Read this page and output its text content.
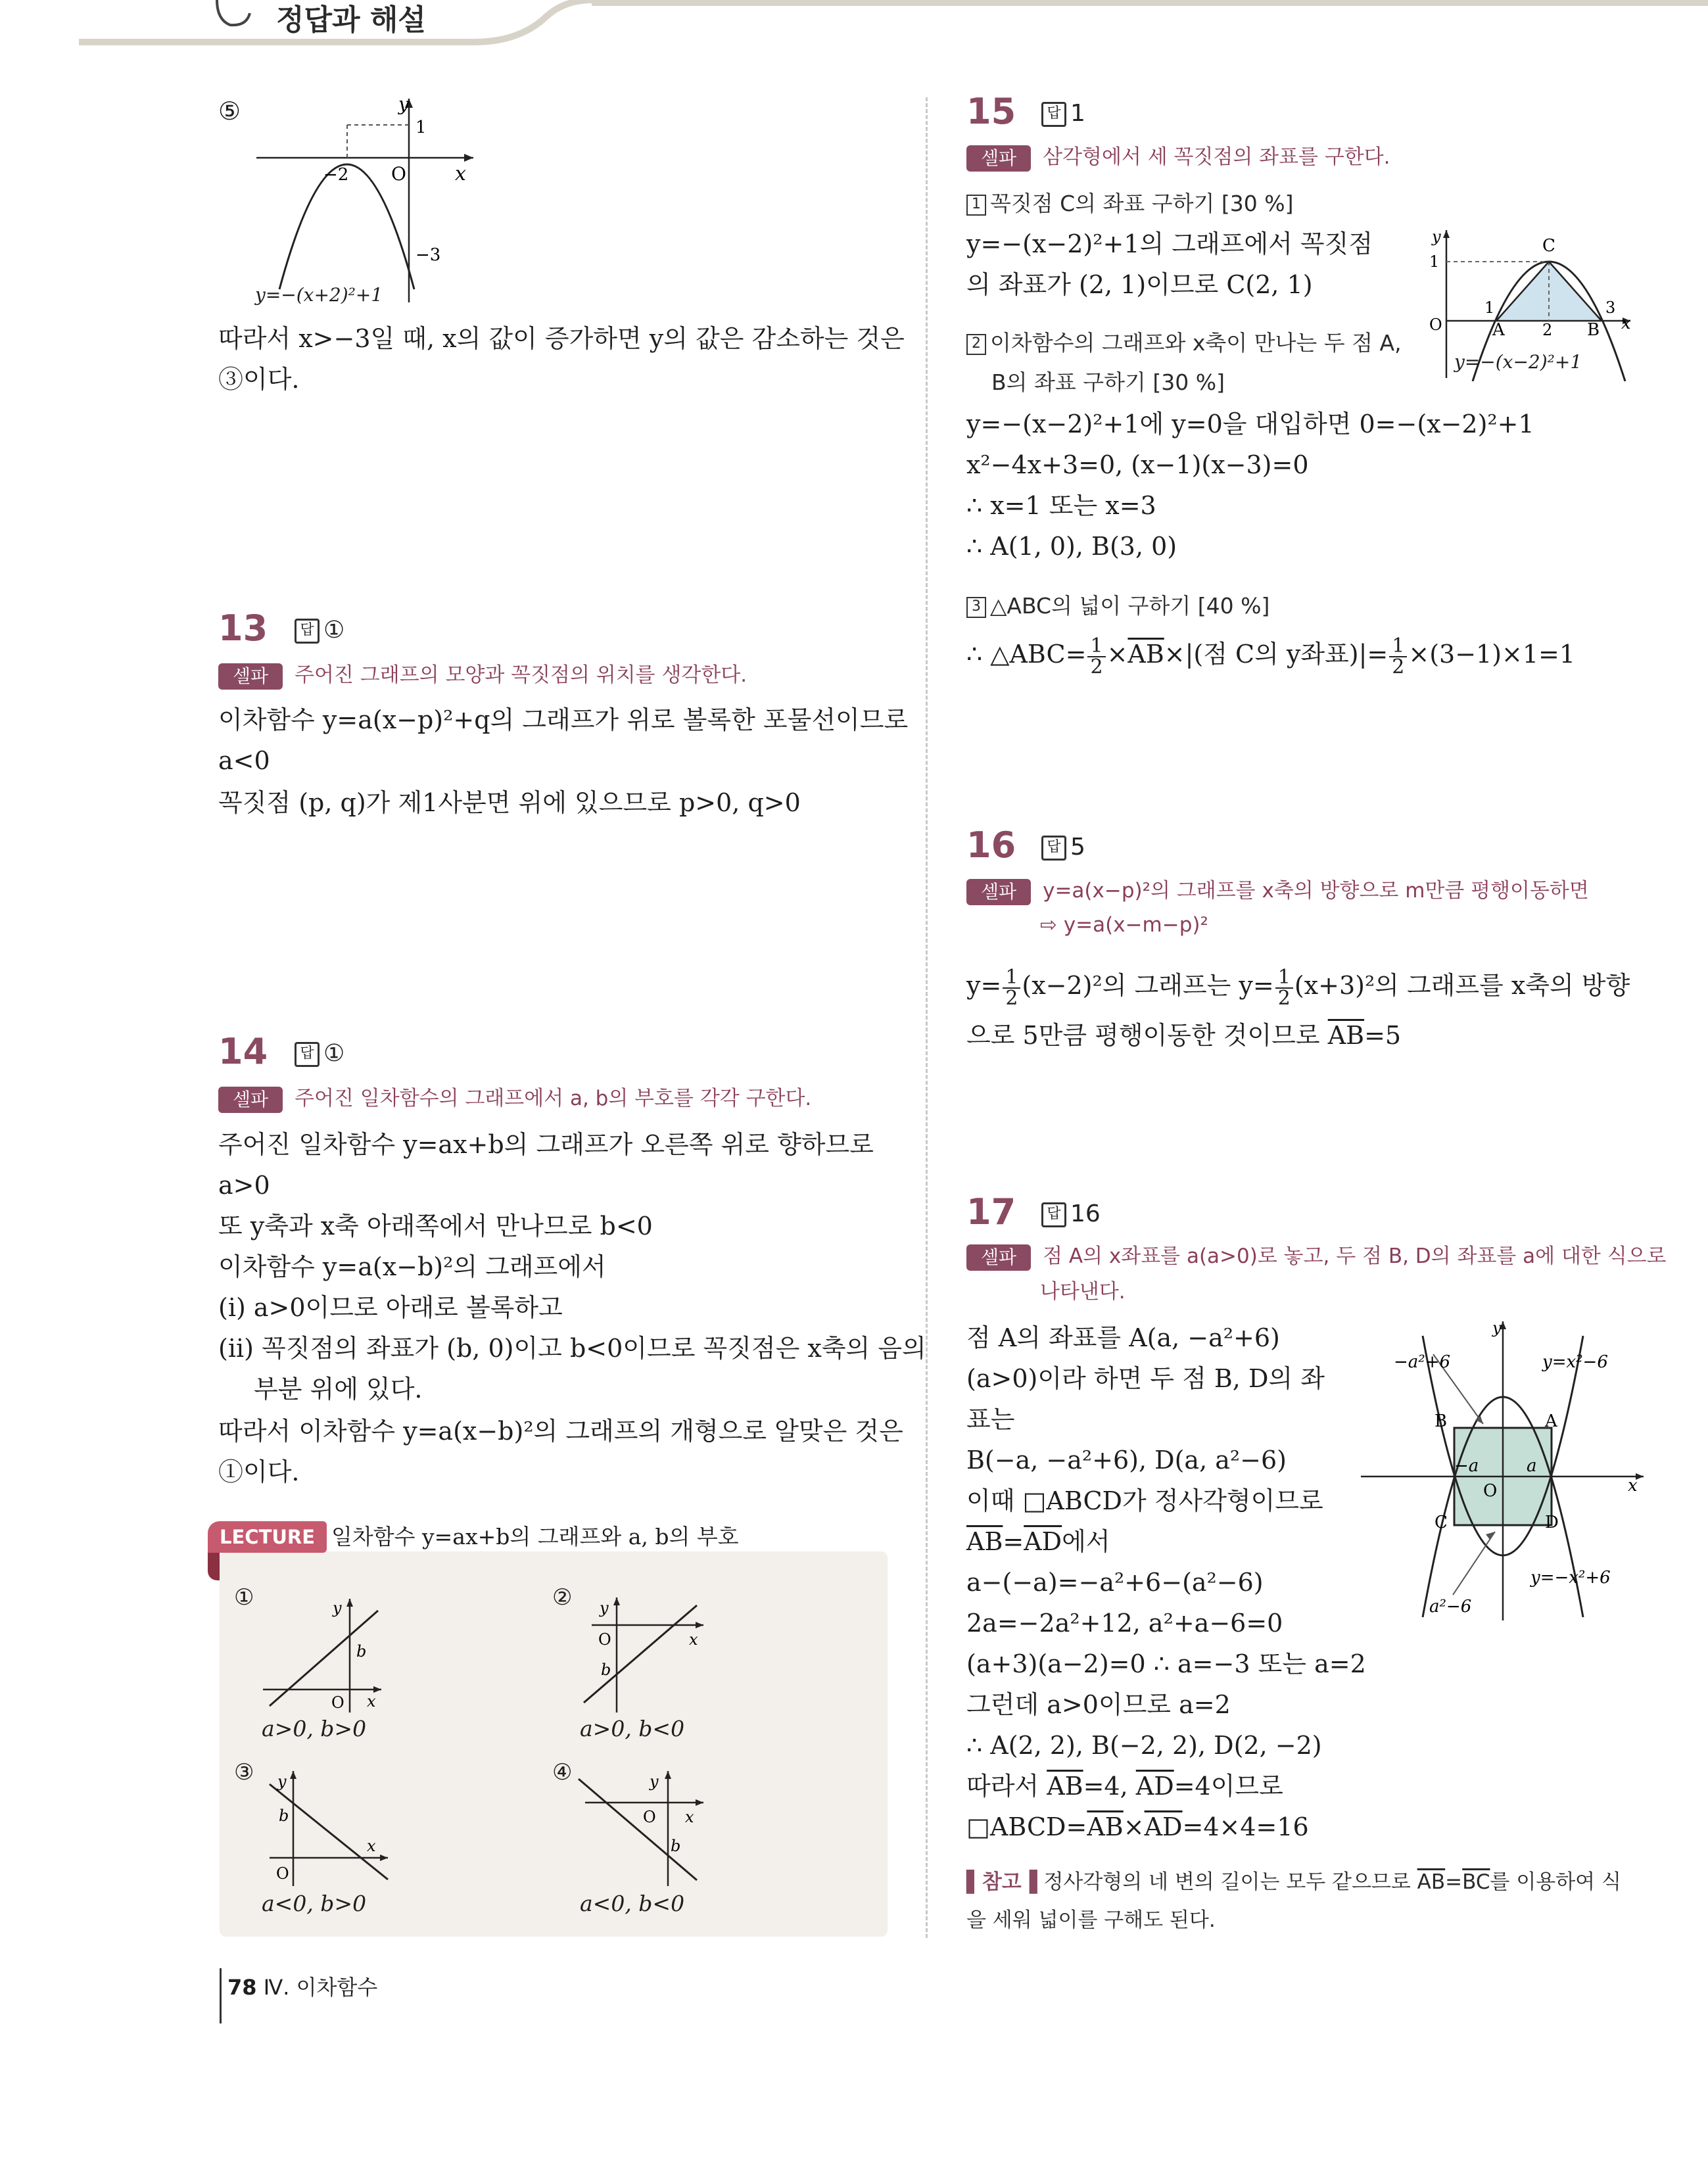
정답과 해설
⑤	y
x
O
1
−2
−3
y=−(x+2)²+1
따라서 x>−3일 때, x의 값이 증가하면 y의 값은 감소하는 것은
③이다.
13	답 ①
셀파 주어진 그래프의 모양과 꼭짓점의 위치를 생각한다.
이차함수 y=a(x−p)²+q의 그래프가 위로 볼록한 포물선이므로
a<0
꼭짓점 (p, q)가 제1사분면 위에 있으므로 p>0, q>0
14	답 ①
셀파 주어진 일차함수의 그래프에서 a, b의 부호를 각각 구한다.
주어진 일차함수 y=ax+b의 그래프가 오른쪽 위로 향하므로
a>0
또 y축과 x축 아래쪽에서 만나므로 b<0
이차함수 y=a(x−b)²의 그래프에서
(ⅰ) a>0이므로 아래로 볼록하고
(ⅱ) 꼭짓점의 좌표가 (b, 0)이고 b<0이므로 꼭짓점은 x축의 음의
부분 위에 있다.
따라서 이차함수 y=a(x−b)²의 그래프의 개형으로 알맞은 것은
①이다.
LECTURE 일차함수 y=ax+b의 그래프와 a, b의 부호
①	y
x
O
b
a>0, b>0
② y
x
O
b
a>0, b<0
③ y
x
O
b
a<0, b>0
④	y
x
O
b
a<0, b<0
78 Ⅳ. 이차함수
15	답 1
셀파 삼각형에서 세 꼭짓점의 좌표를 구한다.
1 꼭짓점 C의 좌표 구하기 [30 %]
y=−(x−2)²+1의 그래프에서 꼭짓점
의 좌표가 (2, 1)이므로 C(2, 1)
2 이차함수의 그래프와 x축이 만나는 두 점 A,
B의 좌표 구하기 [30 %]
y=−(x−2)²+1에 y=0을 대입하면 0=−(x−2)²+1
x²−4x+3=0, (x−1)(x−3)=0
∴ x=1 또는 x=3
∴ A(1, 0), B(3, 0)
3 △ABC의 넓이 구하기 [40 %]
∴ △ABC= $\frac{1}{2} \times\overline{AB}\times|$(점 C의 y좌표)|= $\frac{1}{2} \times(3-1)\times 1=1$
y
1
O
1
A 2 B
3
C
x
y=−(x−2)²+1
16	답 5
셀파 y=a(x−p)²의 그래프를 x축의 방향으로 m만큼 평행이동하면
⇨ y=a(x−m−p)²
$y= \frac{1}{2} (x-2)^2$의 그래프는 $y= \frac{1}{2} (x+3)^2$의 그래프를 x축의 방향
으로 5만큼 평행이동한 것이므로 $\overline{AB}=5$
17	답 16
셀파 점 A의 x좌표를 a(a>0)로 놓고, 두 점 B, D의 좌표를 a에 대한 식으로
나타낸다.
점 A의 좌표를 A(a, −a²+6)
(a>0)이라 하면 두 점 B, D의 좌
표는
B(−a, −a²+6), D(a, a²−6)
이때 □ABCD가 정사각형이므로
$\overline{AB}=\overline{AD}$에서
a−(−a)=−a²+6−(a²−6)
2a=−2a²+12, a²+a−6=0
(a+3)(a−2)=0 ∴ a=−3 또는 a=2
그런데 a>0이므로 a=2
∴ A(2, 2), B(−2, 2), D(2, −2)
따라서 $\overline{AB}=4$, $\overline{AD}=4$이므로
$□ABCD=\overline{AB}\times\overline{AD}=4\times 4=16$
▌참고▐ 정사각형의 네 변의 길이는 모두 같으므로 $\overline{AB}=\overline{BC}$를 이용하여 식
을 세워 넓이를 구해도 된다.
y
−a²+6	y=x²−6
B	A
−a	a
O	x
C	D
y=−x²+6
a²−6
